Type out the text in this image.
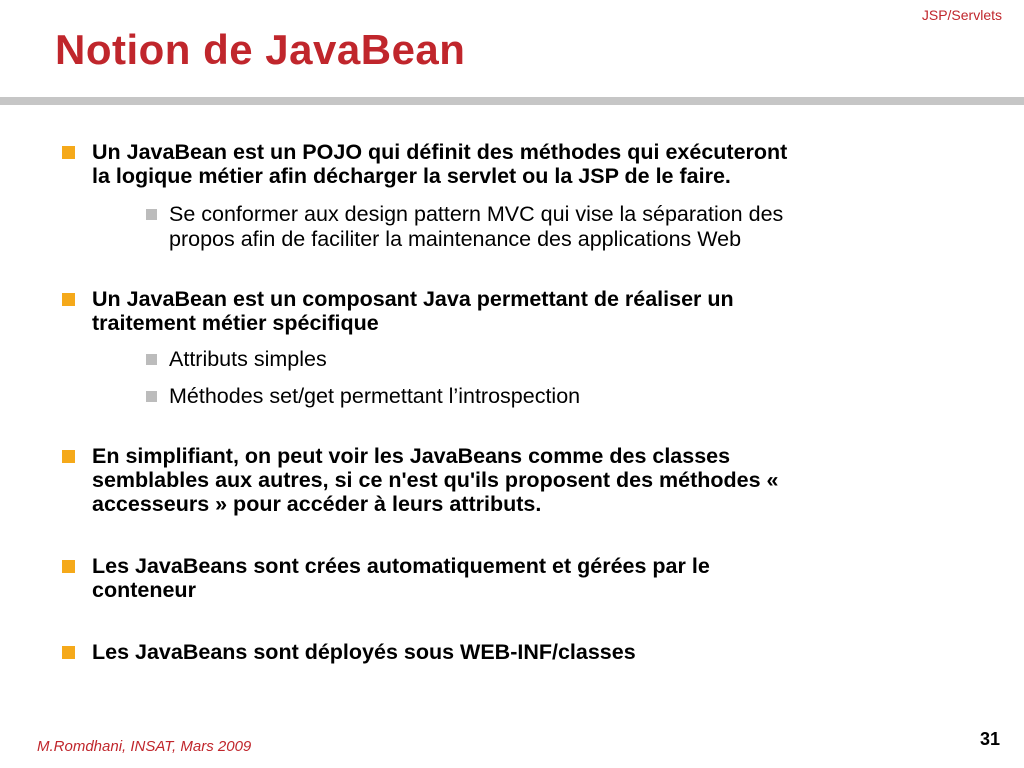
JSP/Servlets
Notion de JavaBean
Un JavaBean est un POJO qui définit des méthodes qui exécuteront
la logique métier afin décharger la servlet ou la JSP de le faire.
Se conformer aux design pattern MVC qui vise la séparation des
propos afin de faciliter la maintenance des applications Web
Un JavaBean est un composant Java permettant de réaliser un
traitement métier spécifique
Attributs simples
Méthodes set/get permettant l’introspection
En simplifiant, on peut voir les JavaBeans comme des classes
semblables aux autres, si ce n'est qu'ils proposent des méthodes «
accesseurs » pour accéder à leurs attributs.
Les JavaBeans sont crées automatiquement et gérées par le
conteneur
Les JavaBeans sont déployés sous WEB-INF/classes
M.Romdhani, INSAT, Mars 2009	31
